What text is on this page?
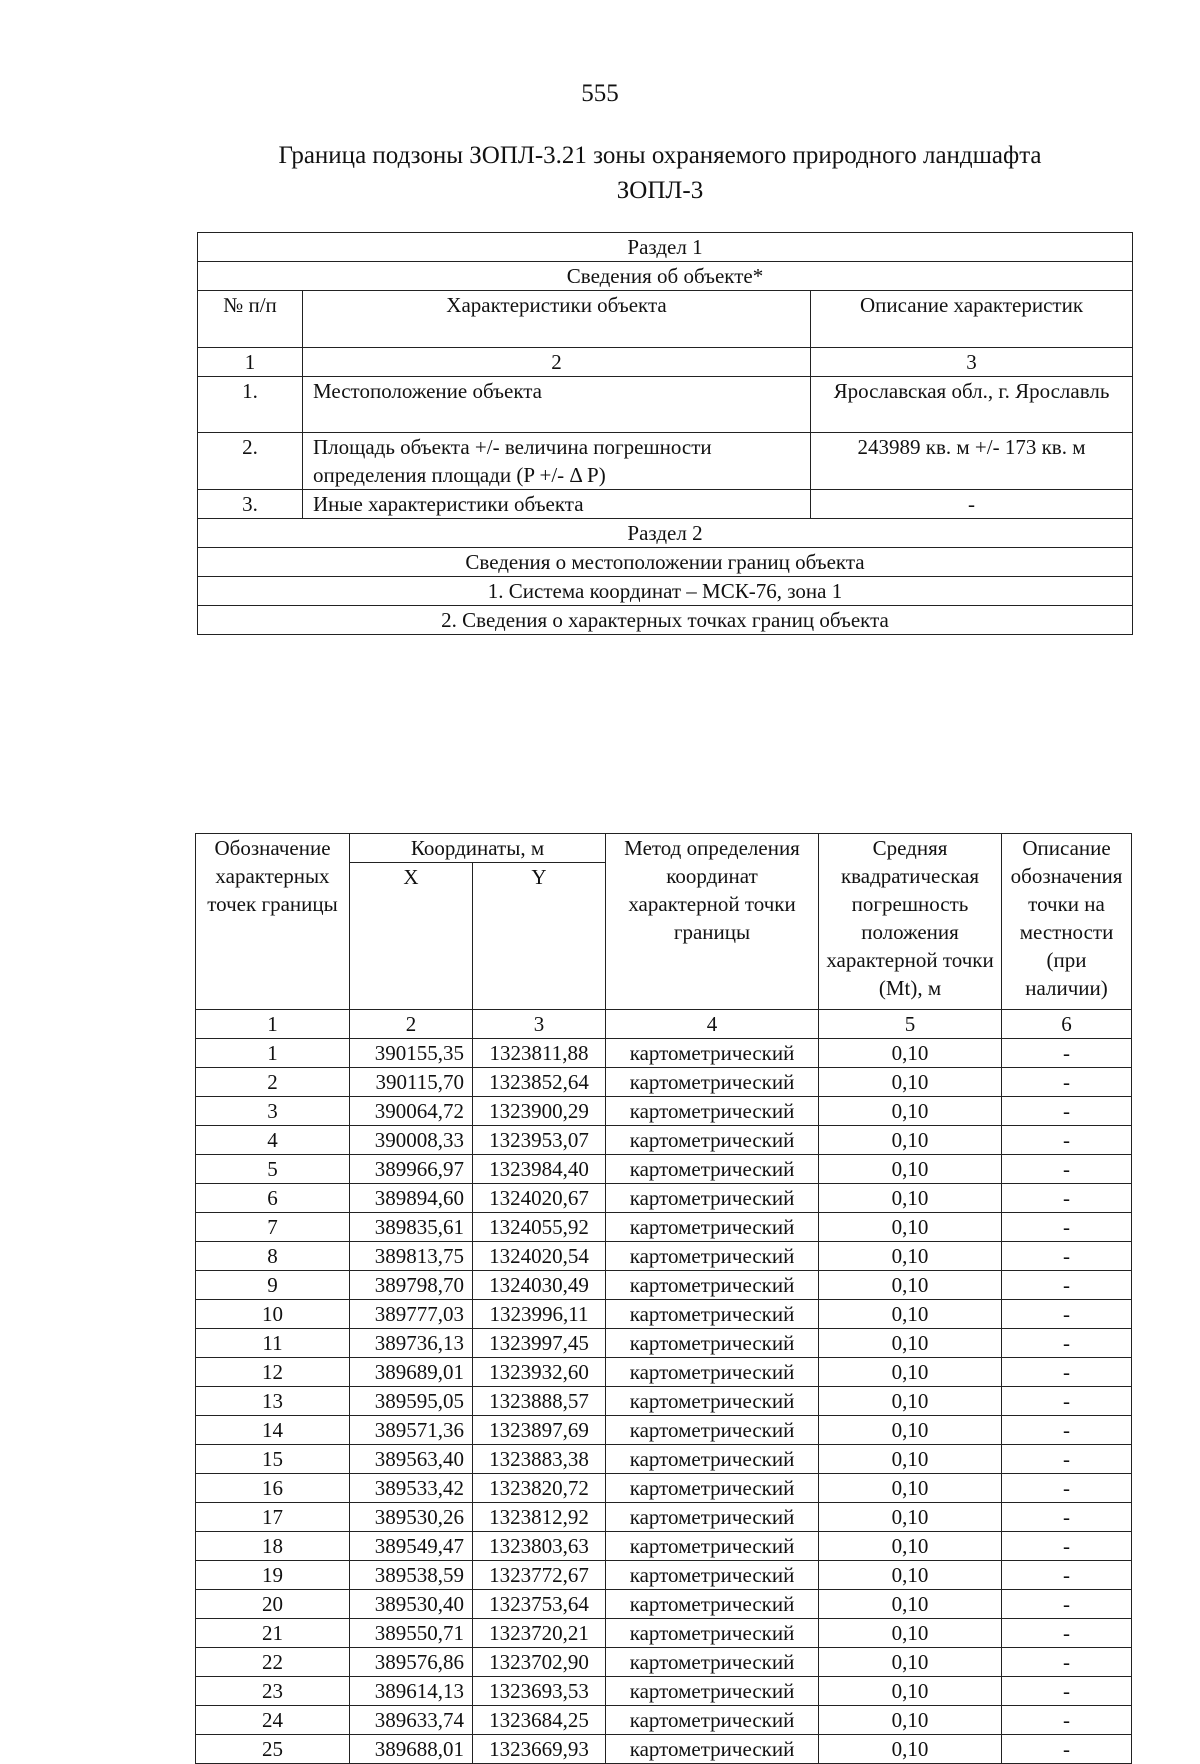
555
Граница подзоны ЗОПЛ-3.21 зоны охраняемого природного ландшафта
ЗОПЛ-3
Раздел 1		
Сведения об объекте*		
№ п/п	Характеристики объекта	Описание характеристик
1	2	3
1.	Местоположение объекта	Ярославская обл., г. Ярославль
2.	Площадь объекта +/- величина погрешности определения площади (P +/- Δ P)	243989 кв. м +/- 173 кв. м
3.	Иные характеристики объекта	-
Раздел 2		
Сведения о местоположении границ объекта		
1. Система координат – МСК-76, зона 1		
2. Сведения о характерных точках границ объекта		
Обозначение характерных точек границы	Координаты, м		Метод определения координат характерной точки границы	Средняя квадратическая погрешность положения характерной точки (Mt), м	Описание обозначения точки на местности (при наличии)
	X	Y			
1	2	3	4	5	6
1	390155,35	1323811,88	картометрический	0,10	-
2	390115,70	1323852,64	картометрический	0,10	-
3	390064,72	1323900,29	картометрический	0,10	-
4	390008,33	1323953,07	картометрический	0,10	-
5	389966,97	1323984,40	картометрический	0,10	-
6	389894,60	1324020,67	картометрический	0,10	-
7	389835,61	1324055,92	картометрический	0,10	-
8	389813,75	1324020,54	картометрический	0,10	-
9	389798,70	1324030,49	картометрический	0,10	-
10	389777,03	1323996,11	картометрический	0,10	-
11	389736,13	1323997,45	картометрический	0,10	-
12	389689,01	1323932,60	картометрический	0,10	-
13	389595,05	1323888,57	картометрический	0,10	-
14	389571,36	1323897,69	картометрический	0,10	-
15	389563,40	1323883,38	картометрический	0,10	-
16	389533,42	1323820,72	картометрический	0,10	-
17	389530,26	1323812,92	картометрический	0,10	-
18	389549,47	1323803,63	картометрический	0,10	-
19	389538,59	1323772,67	картометрический	0,10	-
20	389530,40	1323753,64	картометрический	0,10	-
21	389550,71	1323720,21	картометрический	0,10	-
22	389576,86	1323702,90	картометрический	0,10	-
23	389614,13	1323693,53	картометрический	0,10	-
24	389633,74	1323684,25	картометрический	0,10	-
25	389688,01	1323669,93	картометрический	0,10	-
